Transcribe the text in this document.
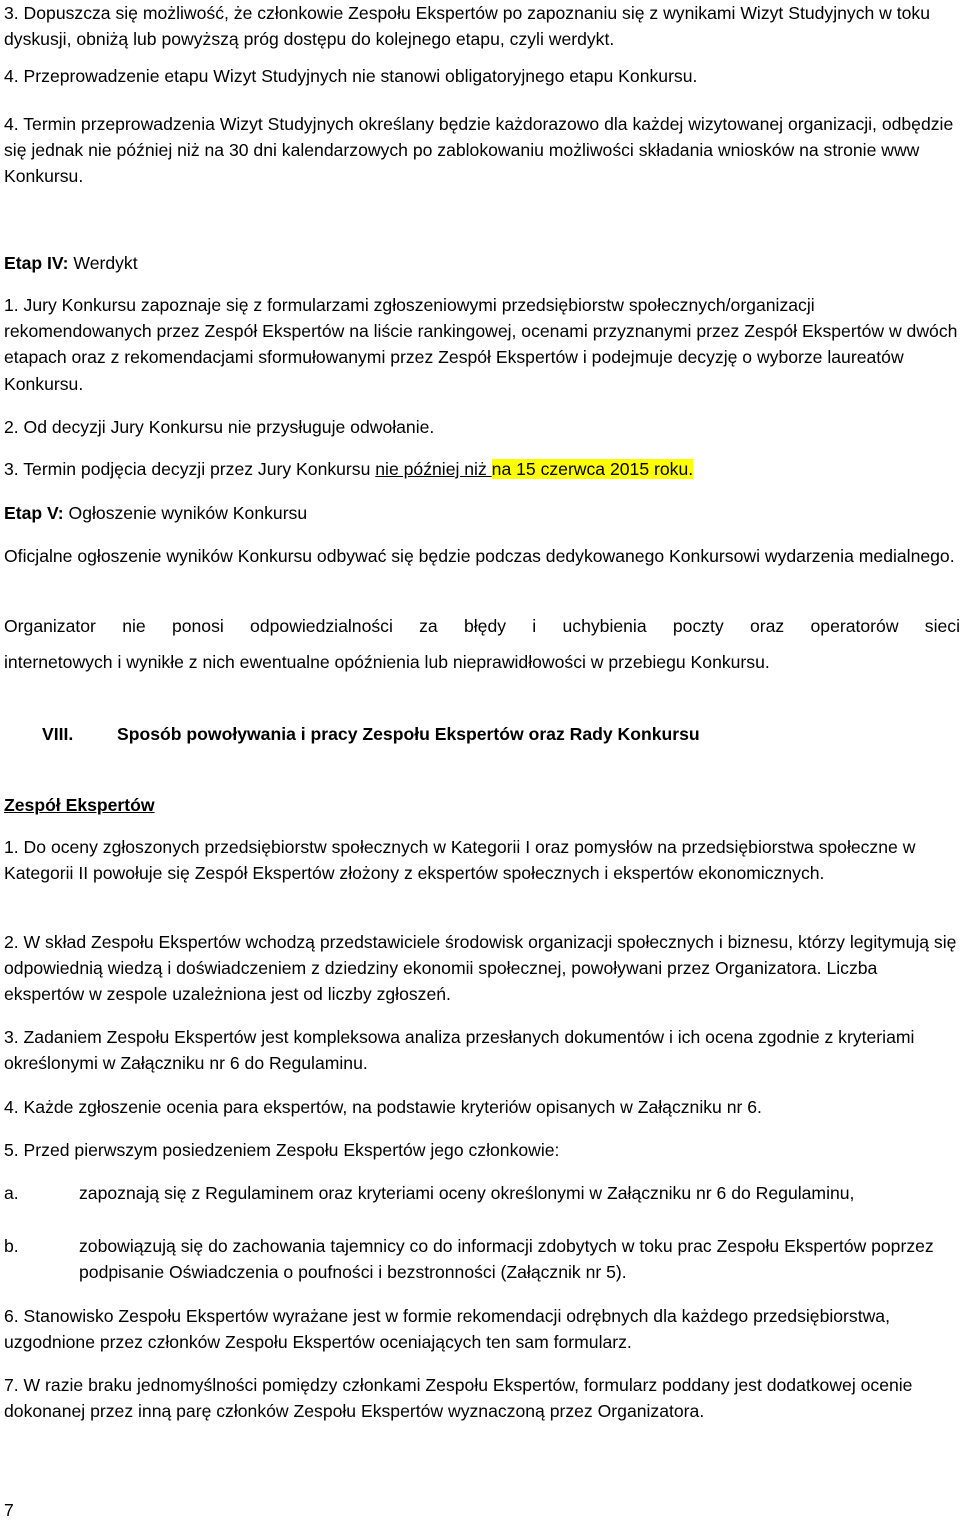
3. Dopuszcza się możliwość, że członkowie Zespołu Ekspertów po zapoznaniu się z wynikami Wizyt Studyjnych w toku dyskusji, obniżą lub powyższą próg dostępu do kolejnego etapu, czyli werdykt.
4. Przeprowadzenie etapu Wizyt Studyjnych nie stanowi obligatoryjnego etapu Konkursu.
4. Termin przeprowadzenia Wizyt Studyjnych określany będzie każdorazowo dla każdej wizytowanej organizacji, odbędzie się jednak nie później niż na 30 dni kalendarzowych po zablokowaniu możliwości składania wniosków na stronie www Konkursu.
Etap IV: Werdykt
1. Jury Konkursu zapoznaje się z formularzami zgłoszeniowymi przedsiębiorstw społecznych/organizacji rekomendowanych przez Zespół Ekspertów na liście rankingowej, ocenami przyznanymi przez Zespół Ekspertów w dwóch etapach oraz z rekomendacjami sformułowanymi przez Zespół Ekspertów i podejmuje decyzję o wyborze laureatów Konkursu.
2. Od decyzji Jury Konkursu nie przysługuje odwołanie.
3. Termin podjęcia decyzji przez Jury Konkursu nie później niż na 15 czerwca 2015 roku.
Etap V: Ogłoszenie wyników Konkursu
Oficjalne ogłoszenie wyników Konkursu odbywać się będzie podczas dedykowanego Konkursowi wydarzenia medialnego.
Organizator nie ponosi odpowiedzialności za błędy i uchybienia poczty oraz operatorów sieci
internetowych i wynikłe z nich ewentualne opóźnienia lub nieprawidłowości w przebiegu Konkursu.
VIII.	Sposób powoływania i pracy Zespołu Ekspertów oraz Rady Konkursu
Zespół Ekspertów
1. Do oceny zgłoszonych przedsiębiorstw społecznych w Kategorii I oraz pomysłów na przedsiębiorstwa społeczne w Kategorii II powołuje się Zespół Ekspertów złożony z ekspertów społecznych i ekspertów ekonomicznych.
2. W skład Zespołu Ekspertów wchodzą przedstawiciele środowisk organizacji społecznych i biznesu, którzy legitymują się odpowiednią wiedzą i doświadczeniem z dziedziny ekonomii społecznej, powoływani przez Organizatora. Liczba ekspertów w zespole uzależniona jest od liczby zgłoszeń.
3. Zadaniem Zespołu Ekspertów jest kompleksowa analiza przesłanych dokumentów i ich ocena zgodnie z kryteriami określonymi w Załączniku nr 6 do Regulaminu.
4. Każde zgłoszenie ocenia para ekspertów, na podstawie kryteriów opisanych w Załączniku nr 6.
5. Przed pierwszym posiedzeniem Zespołu Ekspertów jego członkowie:
a.	zapoznają się z Regulaminem oraz kryteriami oceny określonymi w Załączniku nr 6 do Regulaminu,
b.	zobowiązują się do zachowania tajemnicy co do informacji zdobytych w toku prac Zespołu Ekspertów poprzez podpisanie Oświadczenia o poufności i bezstronności (Załącznik nr 5).
6. Stanowisko Zespołu Ekspertów wyrażane jest w formie rekomendacji odrębnych dla każdego przedsiębiorstwa, uzgodnione przez członków Zespołu Ekspertów oceniających ten sam formularz.
7. W razie braku jednomyślności pomiędzy członkami Zespołu Ekspertów, formularz poddany jest dodatkowej ocenie dokonanej przez inną parę członków Zespołu Ekspertów wyznaczoną przez Organizatora.
7
